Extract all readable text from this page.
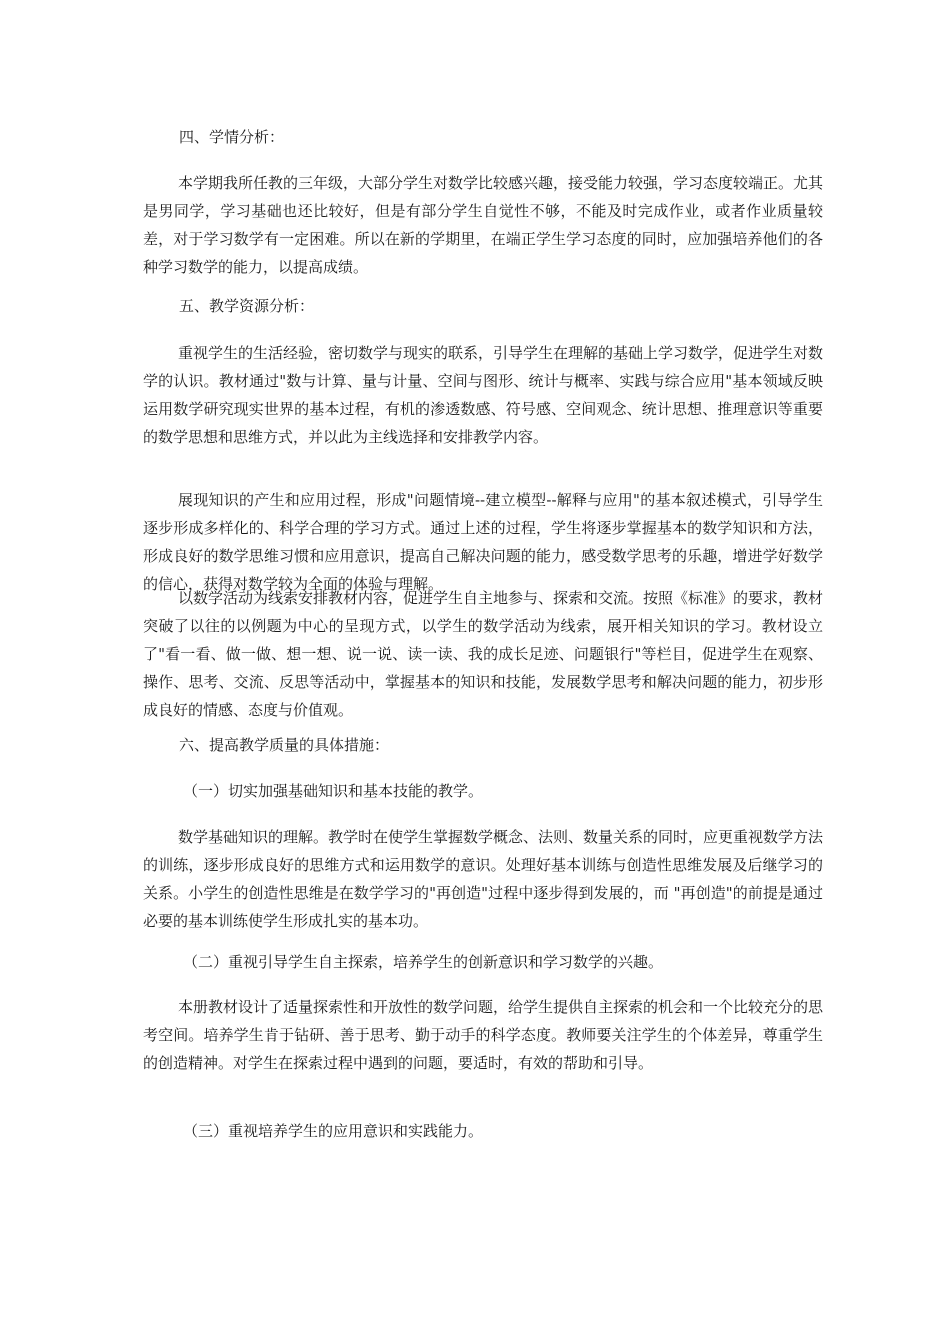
四、学情分析：

本学期我所任教的三年级，大部分学生对数学比较感兴趣，接受能力较强，学习态度较端正。尤其是男同学，学习基础也还比较好，但是有部分学生自觉性不够，不能及时完成作业，或者作业质量较差，对于学习数学有一定困难。所以在新的学期里，在端正学生学习态度的同时，应加强培养他们的各种学习数学的能力，以提高成绩。

五、教学资源分析：

重视学生的生活经验，密切数学与现实的联系，引导学生在理解的基础上学习数学，促进学生对数学的认识。教材通过"数与计算、量与计量、空间与图形、统计与概率、实践与综合应用"基本领域反映运用数学研究现实世界的基本过程，有机的渗透数感、符号感、空间观念、统计思想、推理意识等重要的数学思想和思维方式，并以此为主线选择和安排教学内容。

展现知识的产生和应用过程，形成"问题情境--建立模型--解释与应用"的基本叙述模式，引导学生逐步形成多样化的、科学合理的学习方式。通过上述的过程，学生将逐步掌握基本的数学知识和方法，形成良好的数学思维习惯和应用意识，提高自己解决问题的能力，感受数学思考的乐趣，增进学好数学的信心，获得对数学较为全面的体验与理解。

以数学活动为线索安排教材内容，促进学生自主地参与、探索和交流。按照《标准》的要求，教材突破了以往的以例题为中心的呈现方式，以学生的数学活动为线索，展开相关知识的学习。教材设立了"看一看、做一做、想一想、说一说、读一读、我的成长足迹、问题银行"等栏目，促进学生在观察、操作、思考、交流、反思等活动中，掌握基本的知识和技能，发展数学思考和解决问题的能力，初步形成良好的情感、态度与价值观。

六、提高教学质量的具体措施：
（一）切实加强基础知识和基本技能的教学。

数学基础知识的理解。教学时在使学生掌握数学概念、法则、数量关系的同时，应更重视数学方法的训练，逐步形成良好的思维方式和运用数学的意识。处理好基本训练与创造性思维发展及后继学习的关系。小学生的创造性思维是在数学学习的"再创造"过程中逐步得到发展的，而 "再创造"的前提是通过必要的基本训练使学生形成扎实的基本功。

（二）重视引导学生自主探索，培养学生的创新意识和学习数学的兴趣。

本册教材设计了适量探索性和开放性的数学问题，给学生提供自主探索的机会和一个比较充分的思考空间。培养学生肯于钻研、善于思考、勤于动手的科学态度。教师要关注学生的个体差异，尊重学生的创造精神。对学生在探索过程中遇到的问题，要适时，有效的帮助和引导。

（三）重视培养学生的应用意识和实践能力。
